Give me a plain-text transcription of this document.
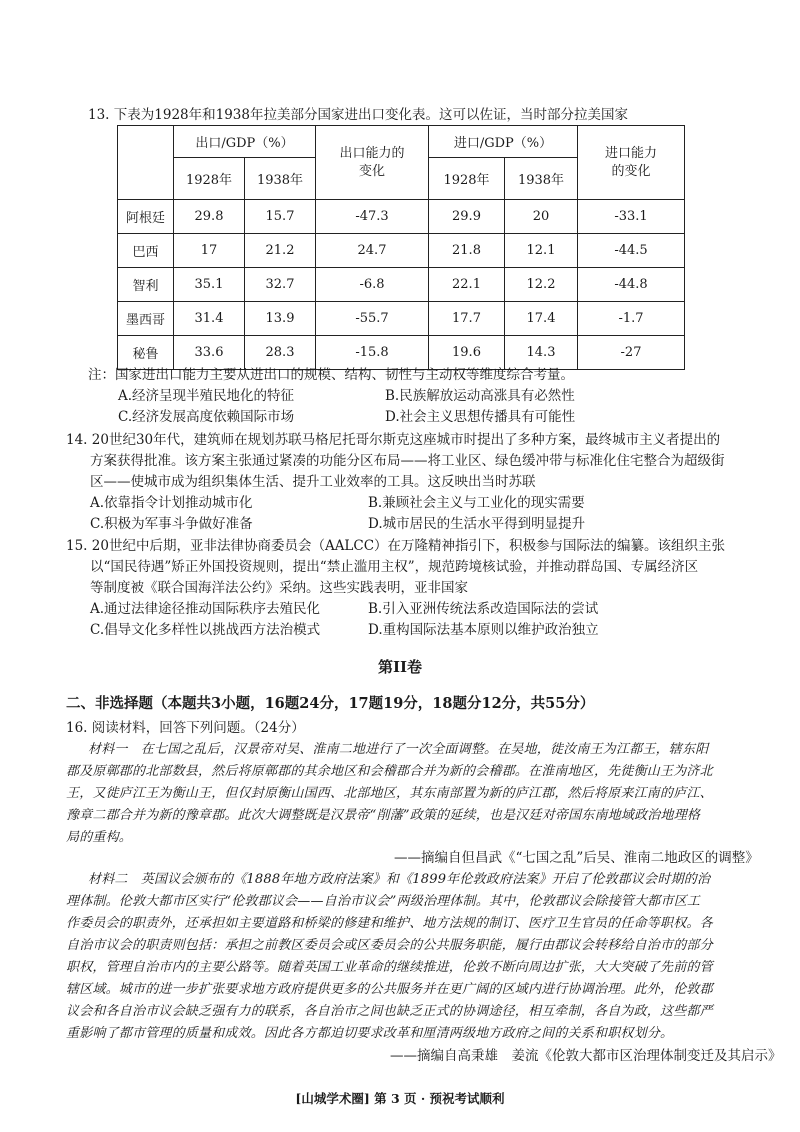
13. 下表为1928年和1938年拉美部分国家进出口变化表。这可以佐证，当时部分拉美国家
	出口/GDP（%）		出口能力的变化	进口/GDP（%）		进口能力的变化

	1928年	1938年		1928年	1938年	
阿根廷	29.8	15.7	-47.3	29.9	20	-33.1
巴西	17	21.2	24.7	21.8	12.1	-44.5
智利	35.1	32.7	-6.8	22.1	12.2	-44.8
墨西哥	31.4	13.9	-55.7	17.7	17.4	-1.7
秘鲁	33.6	28.3	-15.8	19.6	14.3	-27
注：国家进出口能力主要从进出口的规模、结构、韧性与主动权等维度综合考量。
A.经济呈现半殖民地化的特征	B.民族解放运动高涨具有必然性
C.经济发展高度依赖国际市场	D.社会主义思想传播具有可能性
14. 20世纪30年代，建筑师在规划苏联马格尼托哥尔斯克这座城市时提出了多种方案，最终城市主义者提出的
方案获得批准。该方案主张通过紧凑的功能分区布局——将工业区、绿色缓冲带与标准化住宅整合为超级街
区——使城市成为组织集体生活、提升工业效率的工具。这反映出当时苏联
A.依靠指令计划推动城市化	B.兼顾社会主义与工业化的现实需要
C.积极为军事斗争做好准备	D.城市居民的生活水平得到明显提升
15. 20世纪中后期，亚非法律协商委员会（AALCC）在万隆精神指引下，积极参与国际法的编纂。该组织主张
以“国民待遇”矫正外国投资规则，提出“禁止滥用主权”，规范跨境核试验，并推动群岛国、专属经济区
等制度被《联合国海洋法公约》采纳。这些实践表明，亚非国家
A.通过法律途径推动国际秩序去殖民化	B.引入亚洲传统法系改造国际法的尝试
C.倡导文化多样性以挑战西方法治模式	D.重构国际法基本原则以维护政治独立
第II卷
二、非选择题（本题共3小题，16题24分，17题19分，18题分12分，共55分）
16. 阅读材料，回答下列问题。（24分）
材料一　在七国之乱后，汉景帝对吴、淮南二地进行了一次全面调整。在吴地，徙汝南王为江都王，辖东阳
郡及原鄣郡的北部数县，然后将原鄣郡的其余地区和会稽郡合并为新的会稽郡。在淮南地区，先徙衡山王为济北
王，又徙庐江王为衡山王，但仅封原衡山国西、北部地区，其东南部置为新的庐江郡，然后将原来江南的庐江、
豫章二郡合并为新的豫章郡。此次大调整既是汉景帝“削藩”政策的延续，也是汉廷对帝国东南地域政治地理格
局的重构。
——摘编自但昌武《“七国之乱”后吴、淮南二地政区的调整》
材料二　英国议会颁布的《1888年地方政府法案》和《1899年伦敦政府法案》开启了伦敦郡议会时期的治
理体制。伦敦大都市区实行“伦敦郡议会——自治市议会”两级治理体制。其中，伦敦郡议会除接管大都市区工
作委员会的职责外，还承担如主要道路和桥梁的修建和维护、地方法规的制订、医疗卫生官员的任命等职权。各
自治市议会的职责则包括：承担之前教区委员会或区委员会的公共服务职能，履行由郡议会转移给自治市的部分
职权，管理自治市内的主要公路等。随着英国工业革命的继续推进，伦敦不断向周边扩张，大大突破了先前的管
辖区域。城市的进一步扩张要求地方政府提供更多的公共服务并在更广阔的区域内进行协调治理。此外，伦敦郡
议会和各自治市议会缺乏强有力的联系，各自治市之间也缺乏正式的协调途径，相互牵制，各自为政，这些都严
重影响了都市管理的质量和成效。因此各方都迫切要求改革和厘清两级地方政府之间的关系和职权划分。
——摘编自高秉雄　姜流《伦敦大都市区治理体制变迁及其启示》
[山城学术圈] 第 3 页 · 预祝考试顺利
